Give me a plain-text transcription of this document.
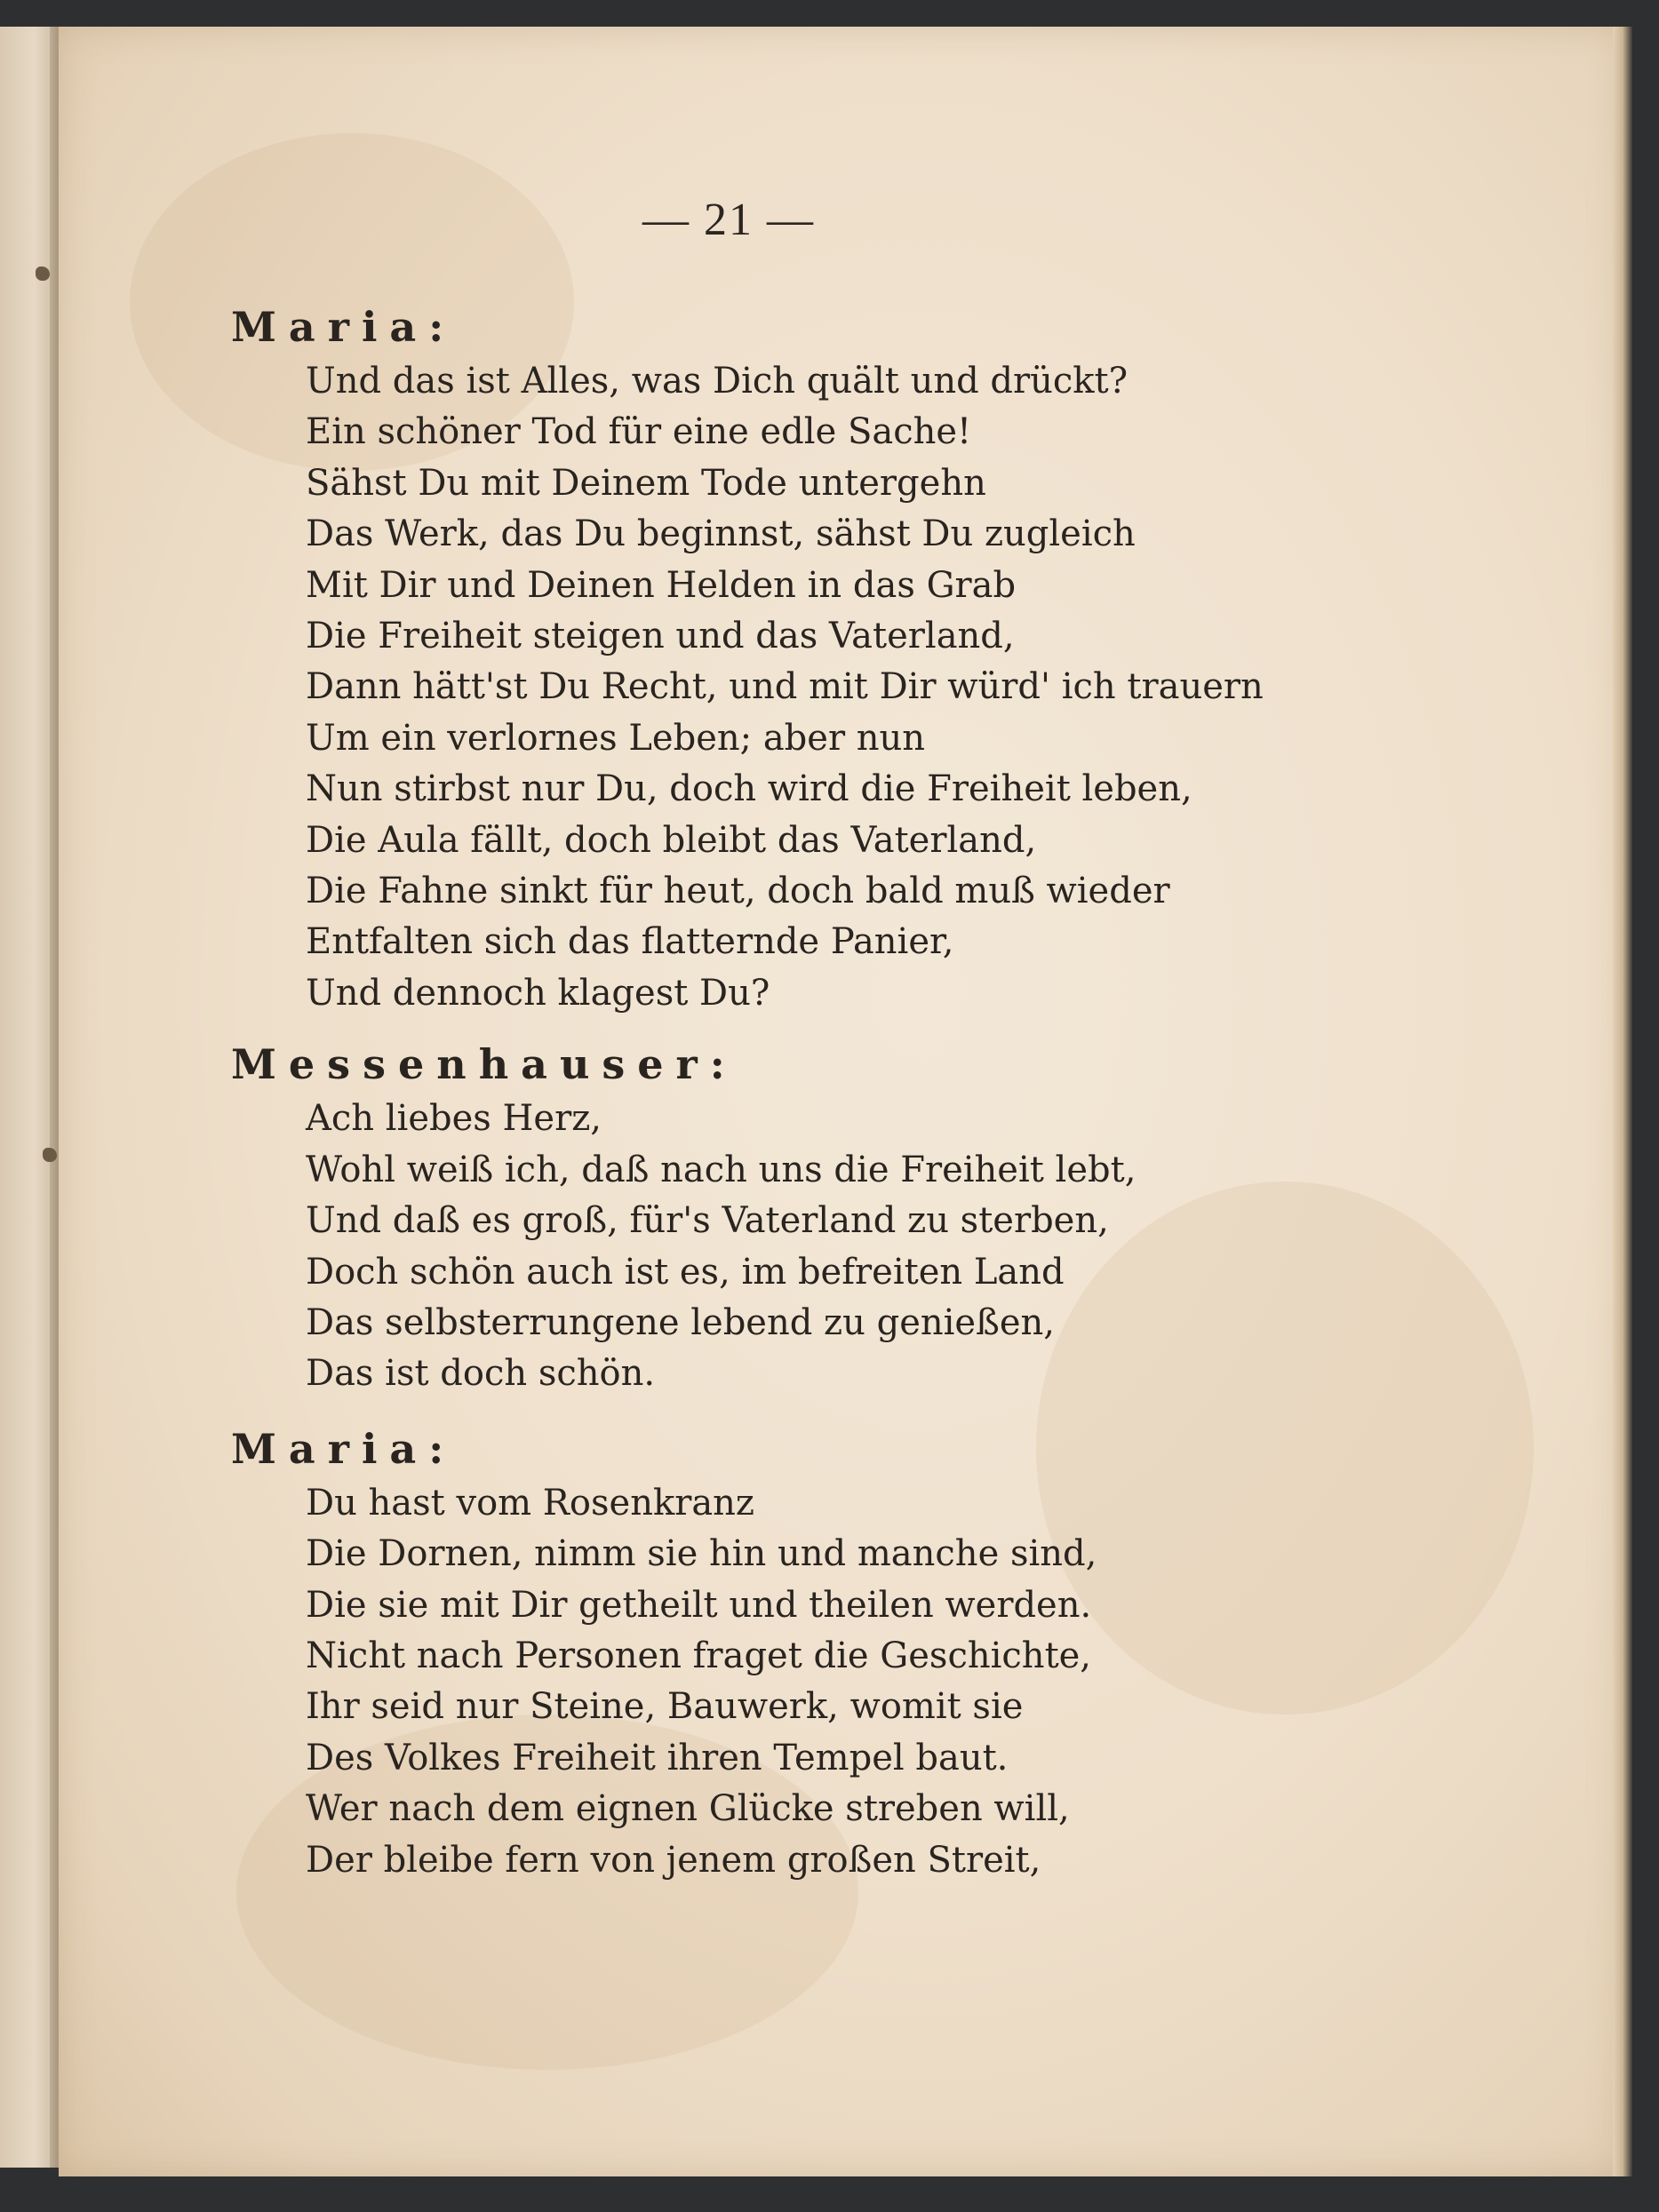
— 21 —
Maria:
Und das ist Alles, was Dich quält und drückt?
Ein schöner Tod für eine edle Sache!
Sähst Du mit Deinem Tode untergehn
Das Werk, das Du beginnst, sähst Du zugleich
Mit Dir und Deinen Helden in das Grab
Die Freiheit steigen und das Vaterland,
Dann hätt'st Du Recht, und mit Dir würd' ich trauern
Um ein verlornes Leben; aber nun
Nun stirbst nur Du, doch wird die Freiheit leben,
Die Aula fällt, doch bleibt das Vaterland,
Die Fahne sinkt für heut, doch bald muß wieder
Entfalten sich das flatternde Panier,
Und dennoch klagest Du?
Messenhauser:
Ach liebes Herz,
Wohl weiß ich, daß nach uns die Freiheit lebt,
Und daß es groß, für's Vaterland zu sterben,
Doch schön auch ist es, im befreiten Land
Das selbsterrungene lebend zu genießen,
Das ist doch schön.
Maria:
Du hast vom Rosenkranz
Die Dornen, nimm sie hin und manche sind,
Die sie mit Dir getheilt und theilen werden.
Nicht nach Personen fraget die Geschichte,
Ihr seid nur Steine, Bauwerk, womit sie
Des Volkes Freiheit ihren Tempel baut.
Wer nach dem eignen Glücke streben will,
Der bleibe fern von jenem großen Streit,
